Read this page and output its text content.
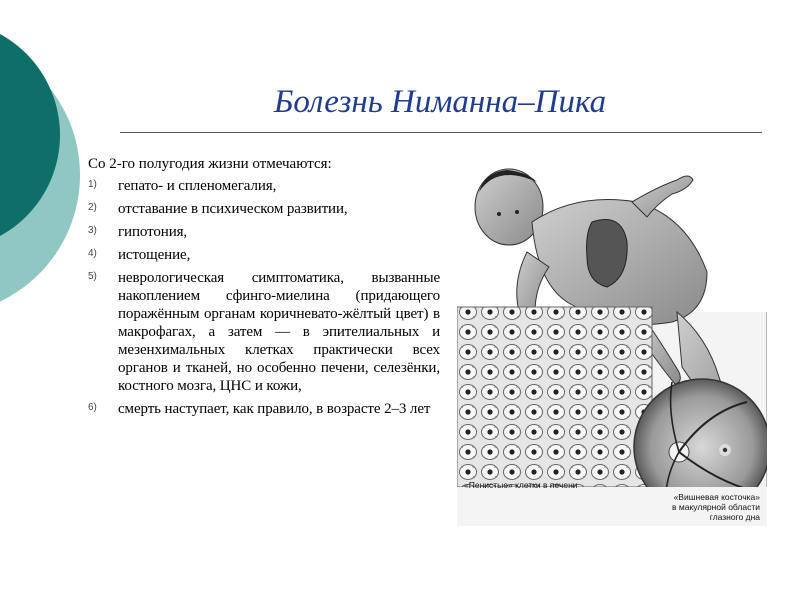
Болезнь Ниманна–Пика

Со 2-го полугодия жизни отмечаются:

1) гепато- и спленомегалия,
2) отставание в психическом развитии,
3) гипотония,
4) истощение,
5) неврологическая симптоматика, вызванные накоплением сфинго-миелина (придающего поражённым органам коричневато-жёлтый цвет) в макрофагах, а затем — в эпителиальных и мезенхимальных клетках практически всех органов и тканей, но особенно печени, селезёнки, костного мозга, ЦНС и кожи,
6) смерть наступает, как правило, в возрасте 2–3 лет
«Пенистые» клетки в печени
«Вишневая косточка»
в макулярной области
глазного дна
